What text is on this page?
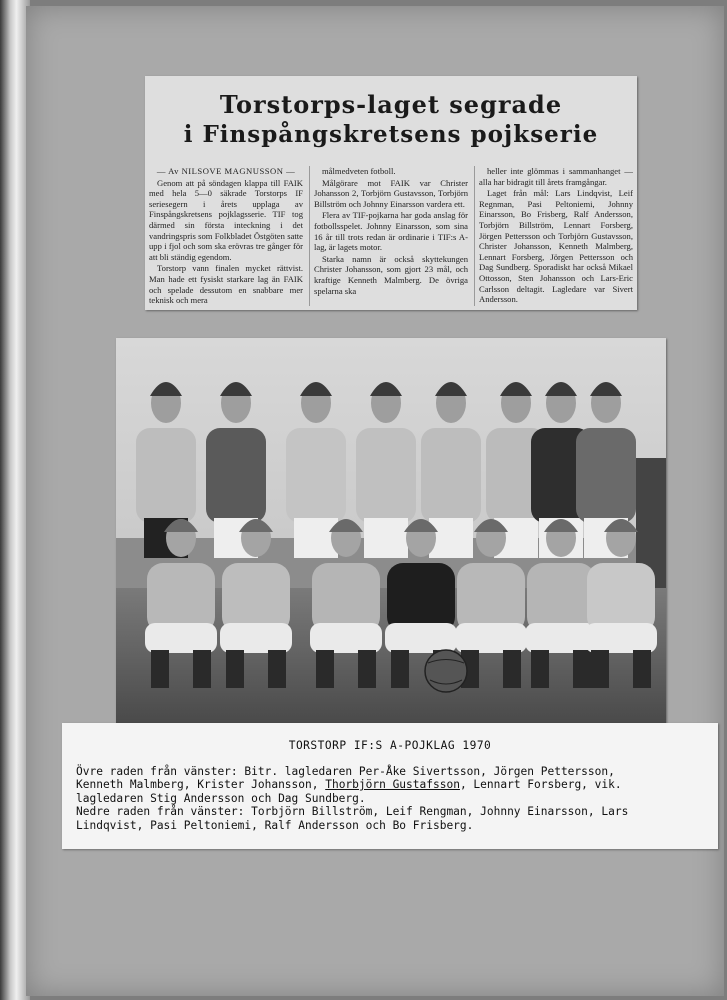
Torstorps-laget segrade
i Finspångskretsens pojkserie

— Av NILSOVE MAGNUSSON —

Genom att på söndagen klappa till FAIK med hela 5—0 säkrade Torstorps IF seriesegern i årets upplaga av Finspångskretsens pojklagsserie. TIF tog därmed sin första inteckning i det vandringspris som Folkbladet Östgöten satte upp i fjol och som ska erövras tre gånger för att bli ständig egendom.

Torstorp vann finalen mycket rättvist. Man hade ett fysiskt starkare lag än FAIK och spelade dessutom en snabbare mer teknisk och mera

målmedveten fotboll.

Målgörare mot FAIK var Christer Johansson 2, Torbjörn Gustavsson, Torbjörn Billström och Johnny Einarsson vardera ett.

Flera av TIF-pojkarna har goda anslag för fotbollsspelet. Johnny Einarsson, som sina 16 år till trots redan är ordinarie i TIF:s A-lag, är lagets motor.

Starka namn är också skyttekungen Christer Johansson, som gjort 23 mål, och kraftige Kenneth Malmberg. De övriga spelarna ska

heller inte glömmas i sammanhanget — alla har bidragit till årets framgångar.

Laget från mål: Lars Lindqvist, Leif Regnman, Pasi Peltoniemi, Johnny Einarsson, Bo Frisberg, Ralf Andersson, Torbjörn Billström, Lennart Forsberg, Jörgen Pettersson och Torbjörn Gustavsson, Christer Johansson, Kenneth Malmberg, Lennart Forsberg, Jörgen Pettersson och Dag Sundberg. Sporadiskt har också Mikael Ottosson, Sten Johansson och Lars-Eric Carlsson deltagit. Lagledare var Sivert Andersson.

TORSTORP IF:S A-POJKLAG 1970
Övre raden från vänster: Bitr. lagledaren Per-Åke Sivertsson, Jörgen Pettersson,
Kenneth Malmberg, Krister Johansson, Thorbjörn Gustafsson, Lennart Forsberg, vik.
lagledaren Stig Andersson och Dag Sundberg.
Nedre raden från vänster: Torbjörn Billström, Leif Rengman, Johnny Einarsson, Lars
Lindqvist, Pasi Peltoniemi, Ralf Andersson och Bo Frisberg.
